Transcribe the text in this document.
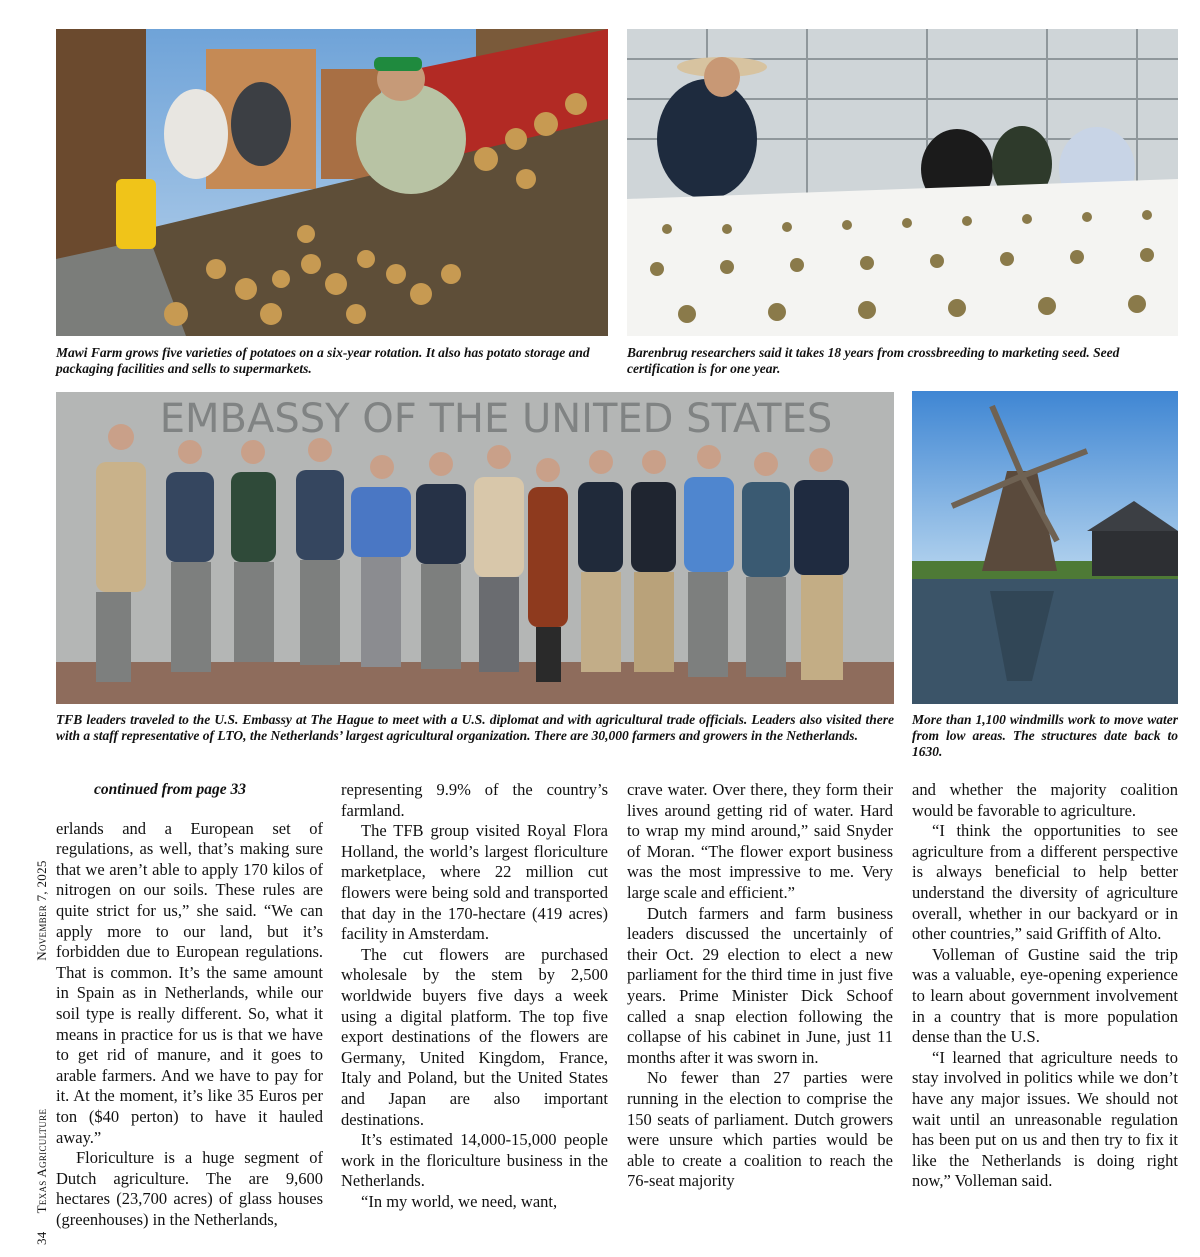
Mawi Farm grows five varieties of potatoes on a six-year rotation. It also has potato storage and packaging facilities and sells to supermarkets.

Barenbrug researchers said it takes 18 years from crossbreeding to marketing seed. Seed certification is for one year.

EMBASSY OF THE UNITED STATES

TFB leaders traveled to the U.S. Embassy at The Hague to meet with a U.S. diplomat and with agricultural trade officials. Leaders also visited there with a staff representative of LTO, the Netherlands’ largest agricultural organization. There are 30,000 farmers and growers in the Netherlands.

More than 1,100 windmills work to move water from low areas. The structures date back to 1630.

34Texas AgricultureNovember 7, 2025

continued from page 33

erlands and a European set of regulations, as well, that’s making sure that we aren’t able to apply 170 kilos of nitrogen on our soils. These rules are quite strict for us,” she said. “We can apply more to our land, but it’s forbidden due to European regulations. That is common. It’s the same amount in Spain as in Netherlands, while our soil type is really different. So, what it means in practice for us is that we have to get rid of manure, and it goes to arable farmers. And we have to pay for it. At the moment, it’s like 35 Euros per ton ($40 perton) to have it hauled away.”

Floriculture is a huge segment of Dutch agriculture. The are 9,600 hectares (23,700 acres) of glass houses (greenhouses) in the Netherlands,

representing 9.9% of the country’s farmland.

The TFB group visited Royal Flora Holland, the world’s largest floriculture marketplace, where 22 million cut flowers were being sold and transported that day in the 170-hectare (419 acres) facility in Amsterdam.

The cut flowers are purchased wholesale by the stem by 2,500 worldwide buyers five days a week using a digital platform. The top five export destinations of the flowers are Germany, United Kingdom, France, Italy and Poland, but the United States and Japan are also important destinations.

It’s estimated 14,000-15,000 people work in the floriculture business in the Netherlands.

“In my world, we need, want,

crave water. Over there, they form their lives around getting rid of water. Hard to wrap my mind around,” said Snyder of Moran. “The flower export business was the most impressive to me. Very large scale and efficient.”

Dutch farmers and farm business leaders discussed the uncertainly of their Oct. 29 election to elect a new parliament for the third time in just five years. Prime Minister Dick Schoof called a snap election following the collapse of his cabinet in June, just 11 months after it was sworn in.

No fewer than 27 parties were running in the election to comprise the 150 seats of parliament. Dutch growers were unsure which parties would be able to create a coalition to reach the 76-seat majority

and whether the majority coalition would be favorable to agriculture.

“I think the opportunities to see agriculture from a different perspective is always beneficial to help better understand the diversity of agriculture overall, whether in our backyard or in other countries,” said Griffith of Alto.

Volleman of Gustine said the trip was a valuable, eye-opening experience to learn about government involvement in a country that is more population dense than the U.S.

“I learned that agriculture needs to stay involved in politics while we don’t have any major issues. We should not wait until an unreasonable regulation has been put on us and then try to fix it like the Netherlands is doing right now,” Volleman said.
